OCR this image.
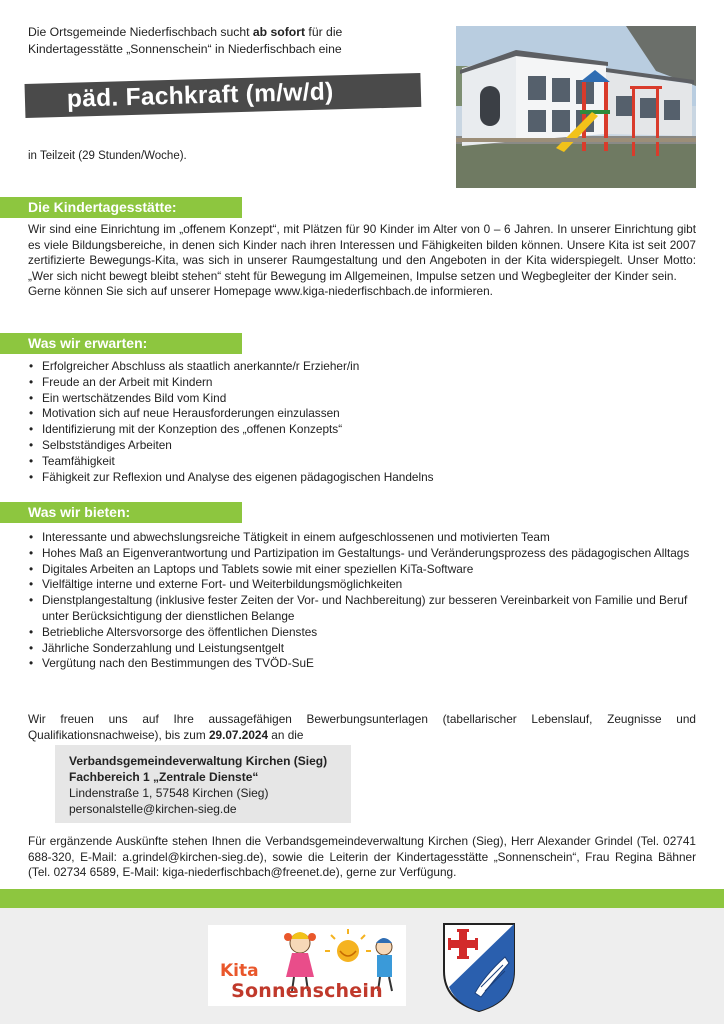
Die Ortsgemeinde Niederfischbach sucht ab sofort für die
Kindertagesstätte „Sonnenschein“ in Niederfischbach eine
päd. Fachkraft (m/w/d)
in Teilzeit (29 Stunden/Woche).
Die Kindertagesstätte:

Wir sind eine Einrichtung im „offenem Konzept“, mit Plätzen für 90 Kinder im Alter von 0 – 6 Jahren. In unserer Einrichtung gibt es viele Bildungsbereiche, in denen sich Kinder nach ihren Interessen und Fähigkeiten bilden können. Unsere Kita ist seit 2007 zertifizierte Bewegungs-Kita, was sich in unserer Raumgestaltung und den Angeboten in der Kita widerspiegelt. Unser Motto: „Wer sich nicht bewegt bleibt stehen“ steht für Bewegung im Allgemeinen, Impulse setzen und Wegbegleiter der Kinder sein.

Gerne können Sie sich auf unserer Homepage www.kiga-niederfischbach.de informieren.

Was wir erwarten:
• Erfolgreicher Abschluss als staatlich anerkannte/r Erzieher/in
• Freude an der Arbeit mit Kindern
• Ein wertschätzendes Bild vom Kind
• Motivation sich auf neue Herausforderungen einzulassen
• Identifizierung mit der Konzeption des „offenen Konzepts“
• Selbstständiges Arbeiten
• Teamfähigkeit
• Fähigkeit zur Reflexion und Analyse des eigenen pädagogischen Handelns
Was wir bieten:
• Interessante und abwechslungsreiche Tätigkeit in einem aufgeschlossenen und motivierten Team
• Hohes Maß an Eigenverantwortung und Partizipation im Gestaltungs- und Veränderungsprozess des pädagogischen Alltags
• Digitales Arbeiten an Laptops und Tablets sowie mit einer speziellen KiTa-Software
• Vielfältige interne und externe Fort- und Weiterbildungsmöglichkeiten
• Dienstplangestaltung (inklusive fester Zeiten der Vor- und Nachbereitung) zur besseren Vereinbarkeit von Familie und Beruf unter Berücksichtigung der dienstlichen Belange
• Betriebliche Altersvorsorge des öffentlichen Dienstes
• Jährliche Sonderzahlung und Leistungsentgelt
• Vergütung nach den Bestimmungen des TVÖD-SuE
Wir freuen uns auf Ihre aussagefähigen Bewerbungsunterlagen (tabellarischer Lebenslauf, Zeugnisse und Qualifikationsnachweise), bis zum 29.07.2024 an die
Verbandsgemeindeverwaltung Kirchen (Sieg)
Fachbereich 1 „Zentrale Dienste“
Lindenstraße 1, 57548 Kirchen (Sieg)
personalstelle@kirchen-sieg.de
Für ergänzende Auskünfte stehen Ihnen die Verbandsgemeindeverwaltung Kirchen (Sieg), Herr Alexander Grindel (Tel. 02741 688-320, E-Mail: a.grindel@kirchen-sieg.de), sowie die Leiterin der Kindertagesstätte „Sonnenschein“, Frau Regina Bähner (Tel. 02734 6589, E-Mail: kiga-niederfischbach@freenet.de), gerne zur Verfügung.
Kita
Sonnenschein
